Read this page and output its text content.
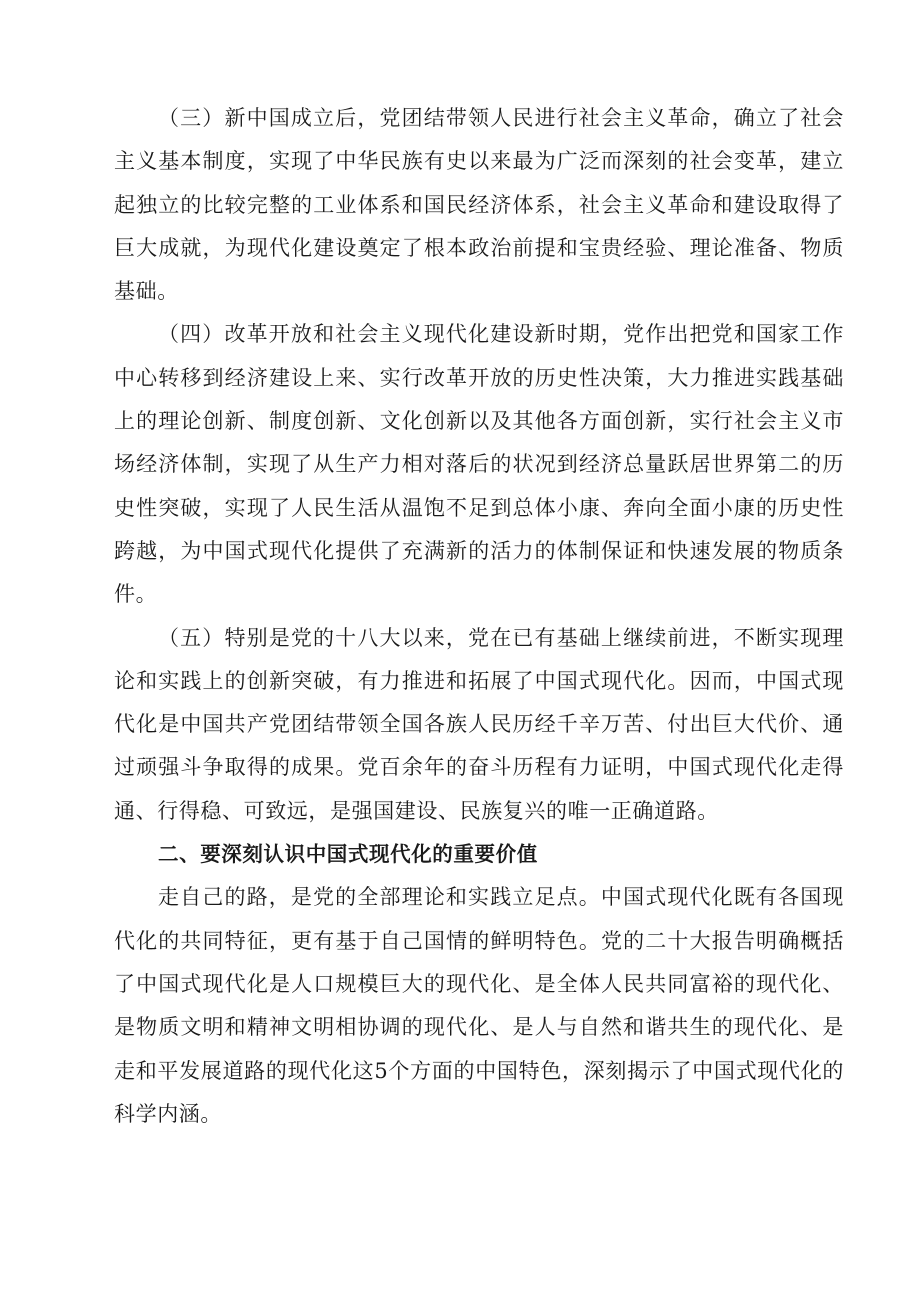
（三）新中国成立后，党团结带领人民进行社会主义革命，确立了社会主义基本制度，实现了中华民族有史以来最为广泛而深刻的社会变革，建立起独立的比较完整的工业体系和国民经济体系，社会主义革命和建设取得了巨大成就，为现代化建设奠定了根本政治前提和宝贵经验、理论准备、物质基础。

（四）改革开放和社会主义现代化建设新时期，党作出把党和国家工作中心转移到经济建设上来、实行改革开放的历史性决策，大力推进实践基础上的理论创新、制度创新、文化创新以及其他各方面创新，实行社会主义市场经济体制，实现了从生产力相对落后的状况到经济总量跃居世界第二的历史性突破，实现了人民生活从温饱不足到总体小康、奔向全面小康的历史性跨越，为中国式现代化提供了充满新的活力的体制保证和快速发展的物质条件。

（五）特别是党的十八大以来，党在已有基础上继续前进，不断实现理论和实践上的创新突破，有力推进和拓展了中国式现代化。因而，中国式现代化是中国共产党团结带领全国各族人民历经千辛万苦、付出巨大代价、通过顽强斗争取得的成果。党百余年的奋斗历程有力证明，中国式现代化走得通、行得稳、可致远，是强国建设、民族复兴的唯一正确道路。

二、要深刻认识中国式现代化的重要价值

走自己的路，是党的全部理论和实践立足点。中国式现代化既有各国现代化的共同特征，更有基于自己国情的鲜明特色。党的二十大报告明确概括了中国式现代化是人口规模巨大的现代化、是全体人民共同富裕的现代化、是物质文明和精神文明相协调的现代化、是人与自然和谐共生的现代化、是走和平发展道路的现代化这5个方面的中国特色，深刻揭示了中国式现代化的科学内涵。
